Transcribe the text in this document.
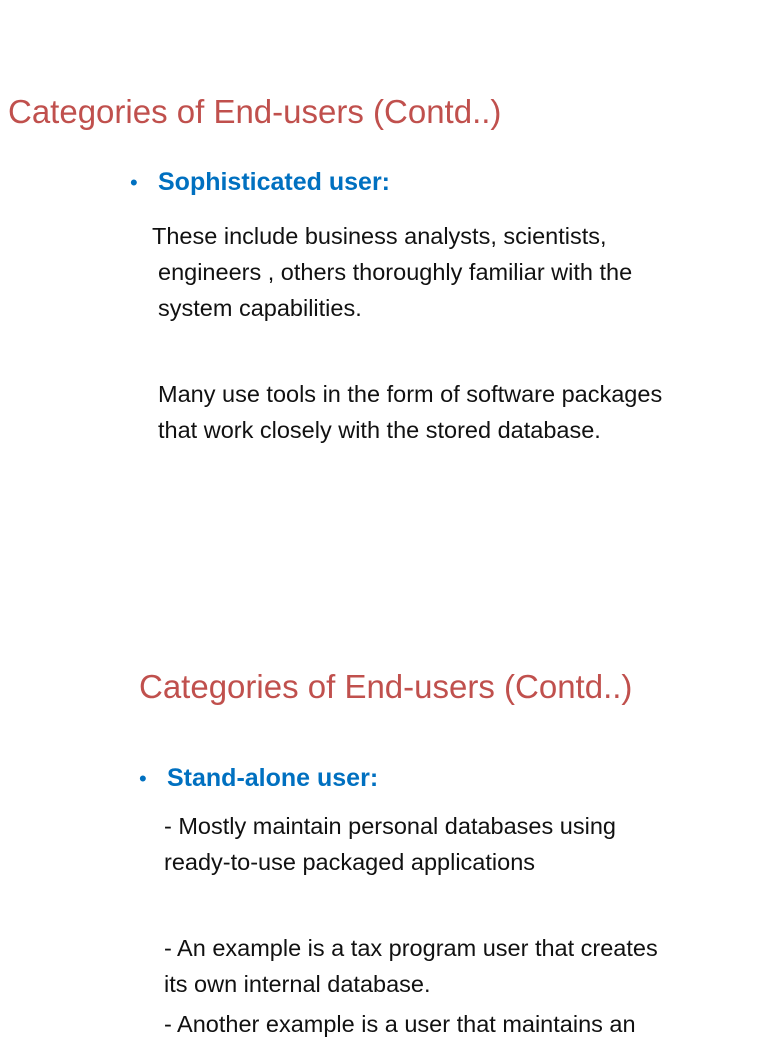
Categories of End-users (Contd..)
• Sophisticated user:

These include business analysts, scientists,
engineers , others thoroughly familiar with the
system capabilities.

Many use tools in the form of software packages
that work closely with the stored database.

Categories of End-users (Contd..)
• Stand-alone user:

- Mostly maintain personal databases using
ready-to-use packaged applications

- An example is a tax program user that creates
its own internal database.

- Another example is a user that maintains an
